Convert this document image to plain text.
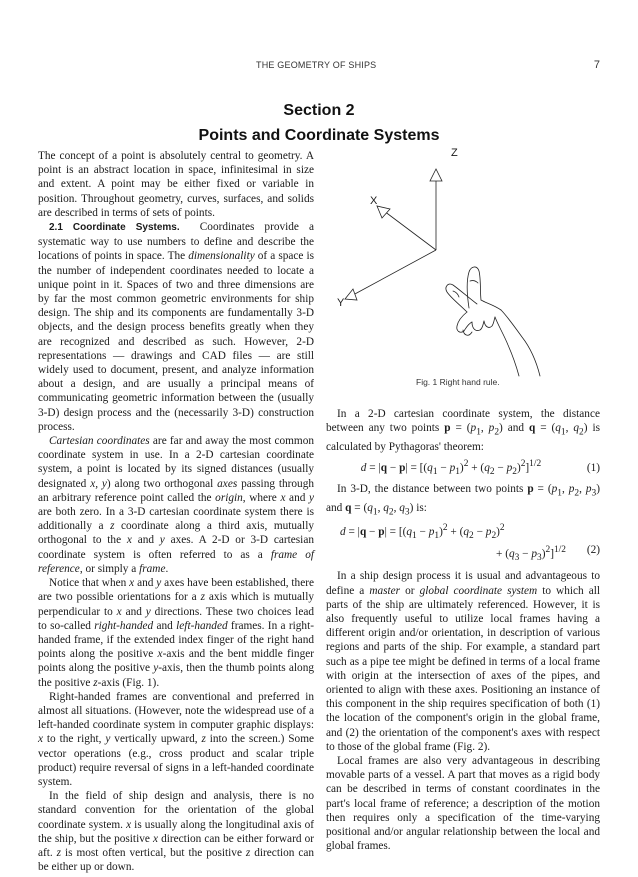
THE GEOMETRY OF SHIPS	7
Section 2
Points and Coordinate Systems
Z
X
Y
Fig. 1 Right hand rule.

The concept of a point is absolutely central to geometry. A point is an abstract location in space, infinitesimal in size and extent. A point may be either fixed or variable in position. Throughout geometry, curves, surfaces, and solids are described in terms of sets of points.

2.1 Coordinate Systems. Coordinates provide a systematic way to use numbers to define and describe the locations of points in space. The dimensionality of a space is the number of independent coordinates needed to locate a unique point in it. Spaces of two and three dimensions are by far the most common geometric environments for ship design. The ship and its components are fundamentally 3-D objects, and the design process benefits greatly when they are recognized and described as such. However, 2-D representations — drawings and CAD files — are still widely used to document, present, and analyze information about a design, and are usually a principal means of communicating geometric information between the (usually 3-D) design process and the (necessarily 3-D) construction process.

Cartesian coordinates are far and away the most common coordinate system in use. In a 2-D cartesian coordinate system, a point is located by its signed distances (usually designated x, y) along two orthogonal axes passing through an arbitrary reference point called the origin, where x and y are both zero. In a 3-D cartesian coordinate system there is additionally a z coordinate along a third axis, mutually orthogonal to the x and y axes. A 2-D or 3-D cartesian coordinate system is often referred to as a frame of reference, or simply a frame.

Notice that when x and y axes have been established, there are two possible orientations for a z axis which is mutually perpendicular to x and y directions. These two choices lead to so-called right-handed and left-handed frames. In a right-handed frame, if the extended index finger of the right hand points along the positive x-axis and the bent middle finger points along the positive y-axis, then the thumb points along the positive z-axis (Fig. 1).

Right-handed frames are conventional and preferred in almost all situations. (However, note the widespread use of a left-handed coordinate system in computer graphic displays: x to the right, y vertically upward, z into the screen.) Some vector operations (e.g., cross product and scalar triple product) require reversal of signs in a left-handed coordinate system.

In the field of ship design and analysis, there is no standard convention for the orientation of the global coordinate system. x is usually along the longitudinal axis of the ship, but the positive x direction can be either forward or aft. z is most often vertical, but the positive z direction can be either up or down.

In a 2-D cartesian coordinate system, the distance between any two points $p = (p_1$, $p_2$) and $q = (q_1$, $q_2$) is calculated by Pythagoras' theorem:

$d = |q - p| = [(q_1 - p_1)^2 + (q_2 - p_2)^2]^{1/2}$	(1)

In 3-D, the distance between two points $p = (p_1$, $p_2$, $p_3$) and $q = (q_1$, $q_2$, $q_3$) is:

$d = |q - p| = [(q_1 - p_1)^2 + (q_2 - p_2)^2$
+ $(q_3 - p_3)^2]^{1/2}$	(2)

In a ship design process it is usual and advantageous to define a master or global coordinate system to which all parts of the ship are ultimately referenced. However, it is also frequently useful to utilize local frames having a different origin and/or orientation, in description of various regions and parts of the ship. For example, a standard part such as a pipe tee might be defined in terms of a local frame with origin at the intersection of axes of the pipes, and oriented to align with these axes. Positioning an instance of this component in the ship requires specification of both (1) the location of the component's origin in the global frame, and (2) the orientation of the component's axes with respect to those of the global frame (Fig. 2).

Local frames are also very advantageous in describing movable parts of a vessel. A part that moves as a rigid body can be described in terms of constant coordinates in the part's local frame of reference; a description of the motion then requires only a specification of the time-varying positional and/or angular relationship between the local and global frames.
